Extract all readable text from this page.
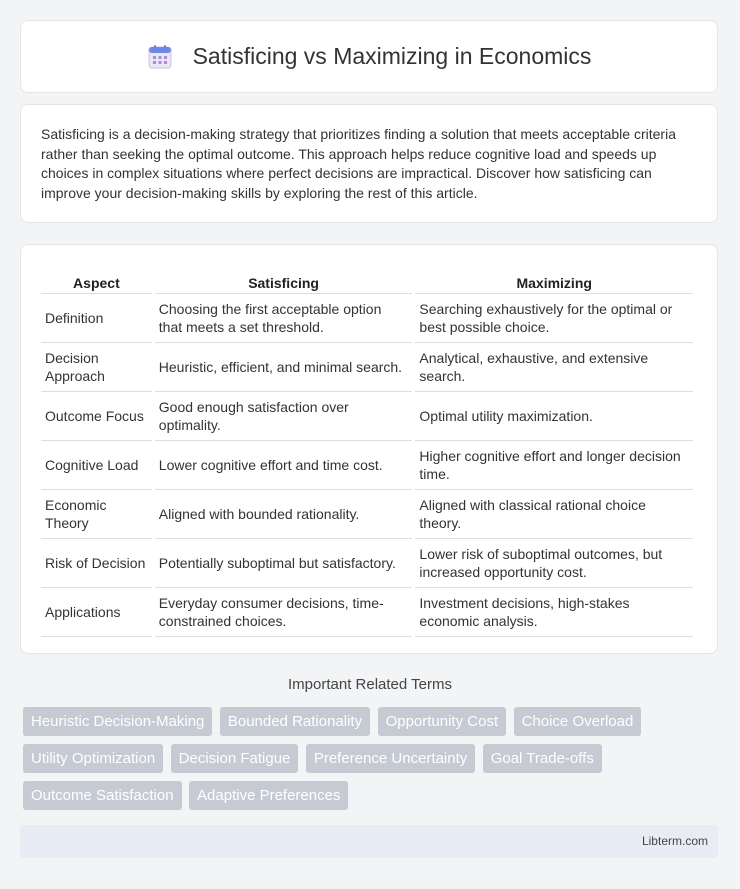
Satisficing vs Maximizing in Economics

Satisficing is a decision-making strategy that prioritizes finding a solution that meets acceptable criteria rather than seeking the optimal outcome. This approach helps reduce cognitive load and speeds up choices in complex situations where perfect decisions are impractical. Discover how satisficing can improve your decision-making skills by exploring the rest of this article.

Aspect	Satisficing	Maximizing
Definition	Choosing the first acceptable option that meets a set threshold.	Searching exhaustively for the optimal or best possible choice.
Decision Approach	Heuristic, efficient, and minimal search.	Analytical, exhaustive, and extensive search.
Outcome Focus	Good enough satisfaction over optimality.	Optimal utility maximization.
Cognitive Load	Lower cognitive effort and time cost.	Higher cognitive effort and longer decision time.
Economic Theory	Aligned with bounded rationality.	Aligned with classical rational choice theory.
Risk of Decision	Potentially suboptimal but satisfactory.	Lower risk of suboptimal outcomes, but increased opportunity cost.
Applications	Everyday consumer decisions, time-constrained choices.	Investment decisions, high-stakes economic analysis.
Important Related Terms
Heuristic Decision-Making Bounded Rationality Opportunity Cost Choice Overload Utility Optimization Decision Fatigue Preference Uncertainty Goal Trade-offs Outcome Satisfaction Adaptive Preferences
Libterm.com
